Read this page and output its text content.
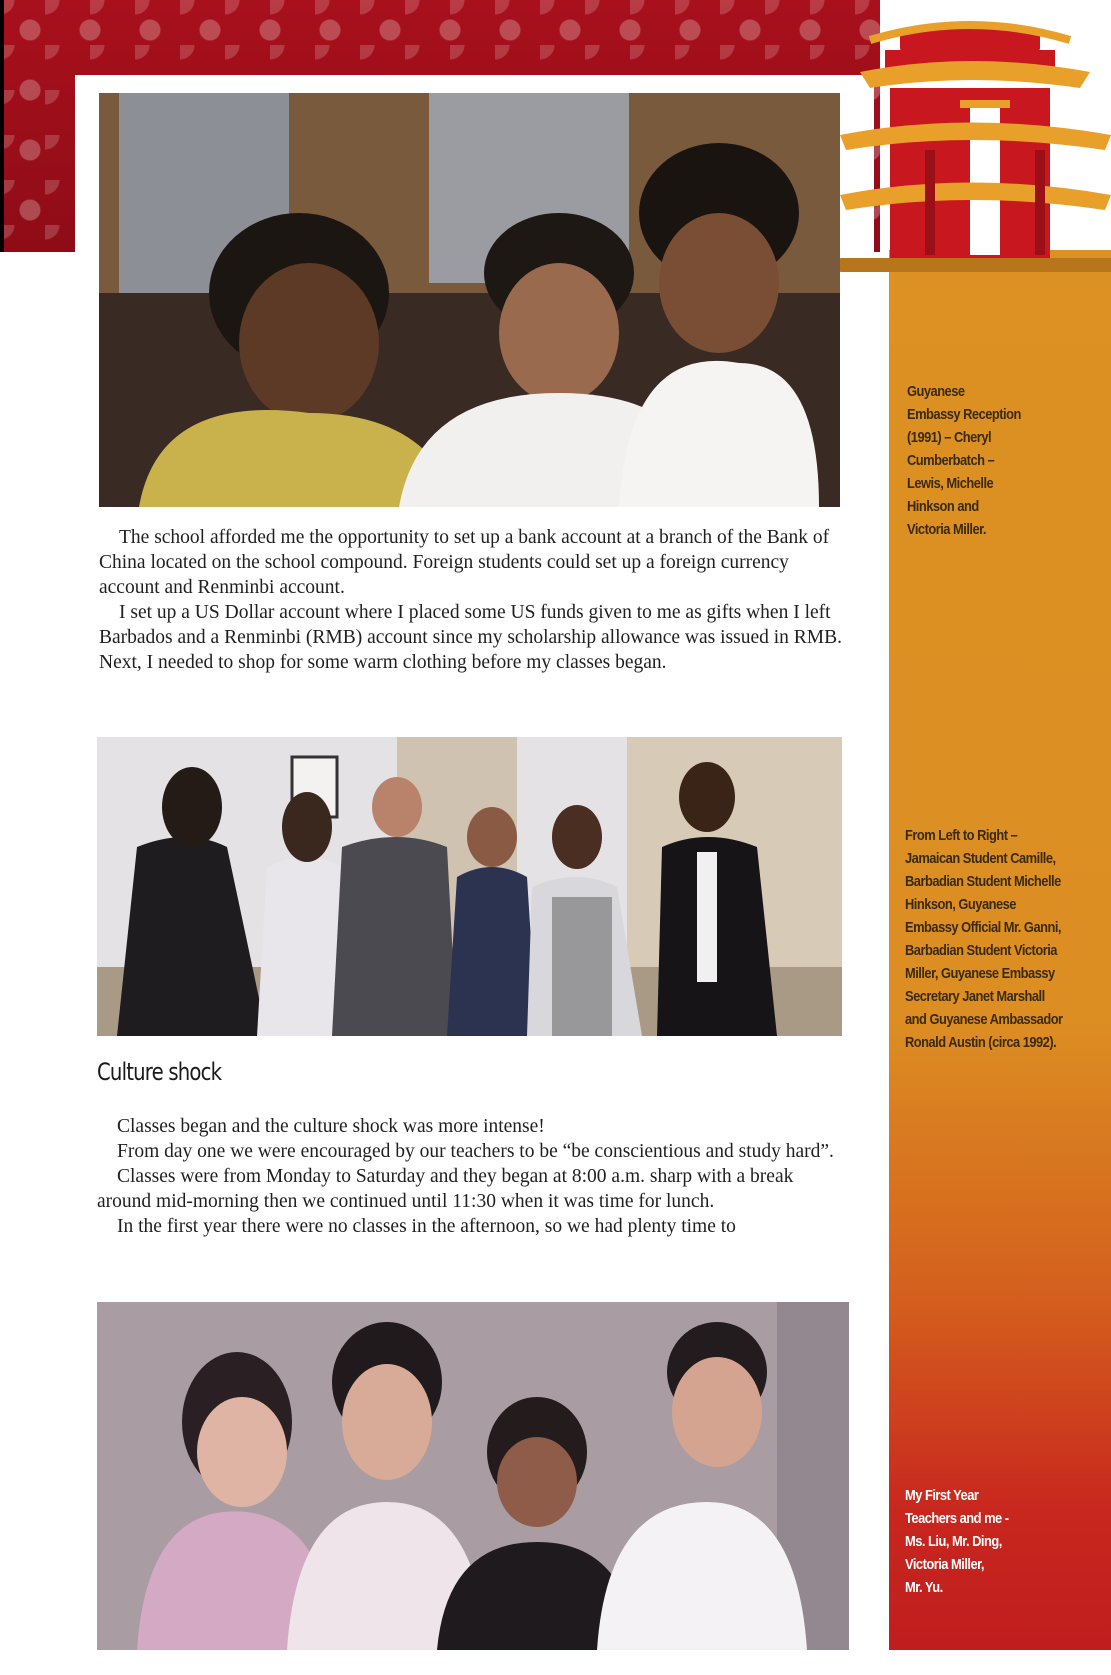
The school afforded me the opportunity to set up a bank account at a branch of the Bank of China located on the school compound. Foreign students could set up a foreign currency account and Renminbi account.

I set up a US Dollar account where I placed some US funds given to me as gifts when I left Barbados and a Renminbi (RMB) account since my scholarship allowance was issued in RMB. Next, I needed to shop for some warm clothing before my classes began.

Culture shock

Classes began and the culture shock was more intense!

From day one we were encouraged by our teachers to be “be conscientious and study hard”.

Classes were from Monday to Saturday and they began at 8:00 a.m. sharp with a break around mid-morning then we continued until 11:30 when it was time for lunch.

In the first year there were no classes in the afternoon, so we had plenty time to

Guyanese
Embassy Reception
(1991) – Cheryl
Cumberbatch –
Lewis, Michelle
Hinkson and
Victoria Miller.
From Left to Right –
Jamaican Student Camille,
Barbadian Student Michelle
Hinkson, Guyanese
Embassy Official Mr. Ganni,
Barbadian Student Victoria
Miller, Guyanese Embassy
Secretary Janet Marshall
and Guyanese Ambassador
Ronald Austin (circa 1992).
My First Year
Teachers and me -
Ms. Liu, Mr. Ding,
Victoria Miller,
Mr. Yu.
